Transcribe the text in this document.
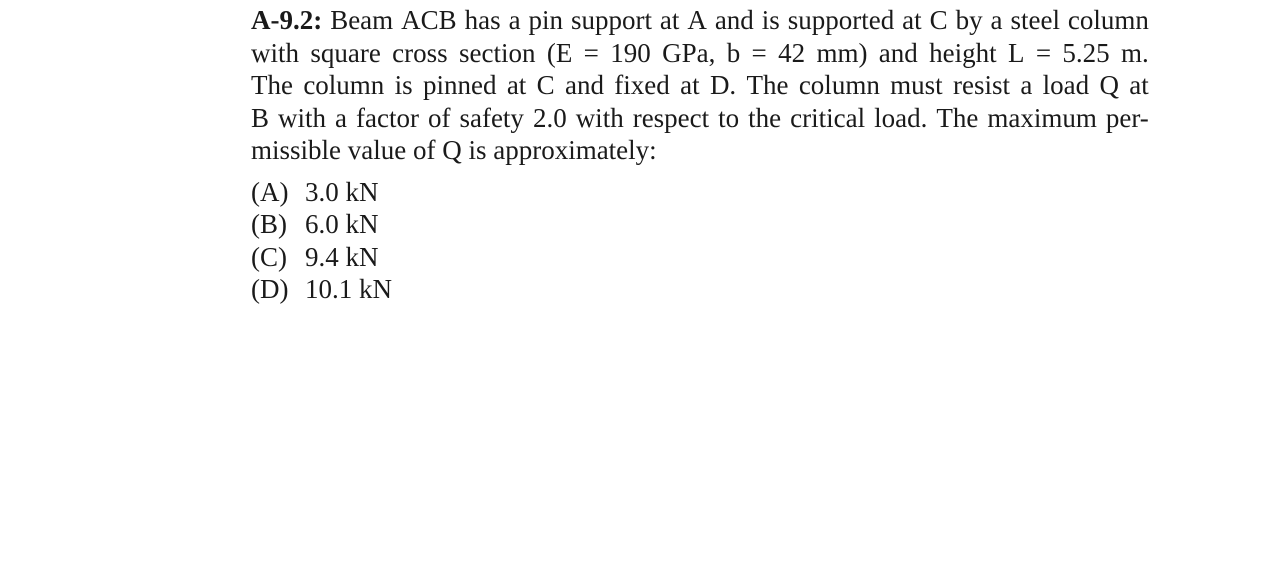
A-9.2: Beam ACB has a pin support at A and is supported at C by a steel column
with square cross section (E = 190 GPa, b = 42 mm) and height L = 5.25 m.
The column is pinned at C and fixed at D. The column must resist a load Q at
B with a factor of safety 2.0 with respect to the critical load. The maximum per-
missible value of Q is approximately:
(A) 3.0 kN
(B) 6.0 kN
(C) 9.4 kN
(D) 10.1 kN
